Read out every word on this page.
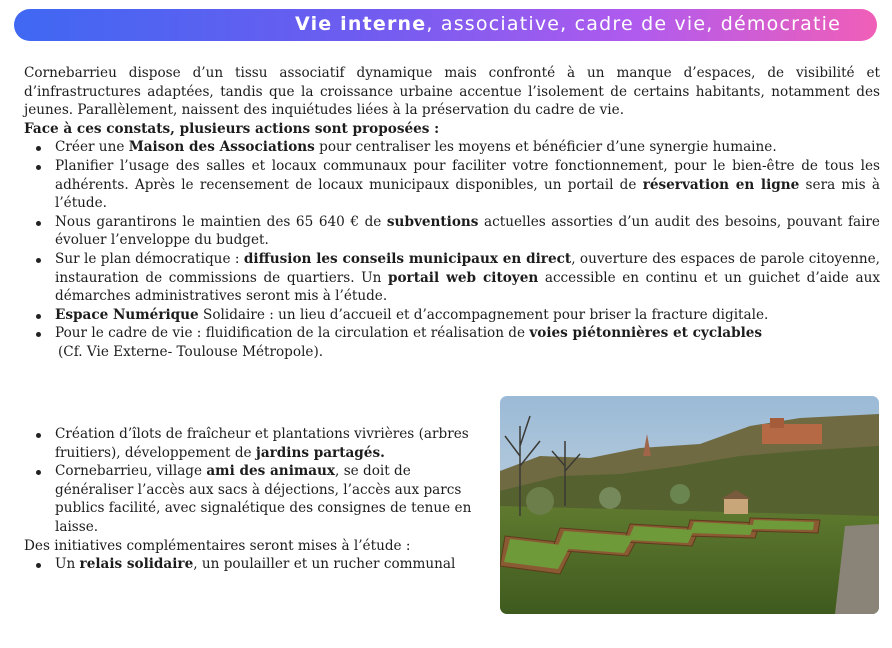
Vie interne, associative, cadre de vie, démocratie

Cornebarrieu dispose d’un tissu associatif dynamique mais confronté à un manque d’espaces, de visibilité et d’infrastructures adaptées, tandis que la croissance urbaine accentue l’isolement de certains habitants, notamment des jeunes. Parallèlement, naissent des inquiétudes liées à la préservation du cadre de vie.

Face à ces constats, plusieurs actions sont proposées :

Créer une Maison des Associations pour centraliser les moyens et bénéficier d’une synergie humaine.
Planifier l’usage des salles et locaux communaux pour faciliter votre fonctionnement, pour le bien-être de tous les adhérents. Après le recensement de locaux municipaux disponibles, un portail de réservation en ligne sera mis à l’étude.
Nous garantirons le maintien des 65 640 € de subventions actuelles assorties d’un audit des besoins, pouvant faire évoluer l’enveloppe du budget.
Sur le plan démocratique : diffusion les conseils municipaux en direct, ouverture des espaces de parole citoyenne, instauration de commissions de quartiers. Un portail web citoyen accessible en continu et un guichet d’aide aux démarches administratives seront mis à l’étude.
Espace Numérique Solidaire : un lieu d’accueil et d’accompagnement pour briser la fracture digitale.
Pour le cadre de vie : fluidification de la circulation et réalisation de voies piétonnières et cyclables

(Cf. Vie Externe- Toulouse Métropole).

Création d’îlots de fraîcheur et plantations vivrières (arbres fruitiers), développement de jardins partagés.
Cornebarrieu, village ami des animaux, se doit de généraliser l’accès aux sacs à déjections, l’accès aux parcs publics facilité, avec signalétique des consignes de tenue en laisse.

Des initiatives complémentaires seront mises à l’étude :

Un relais solidaire, un poulailler et un rucher communal
